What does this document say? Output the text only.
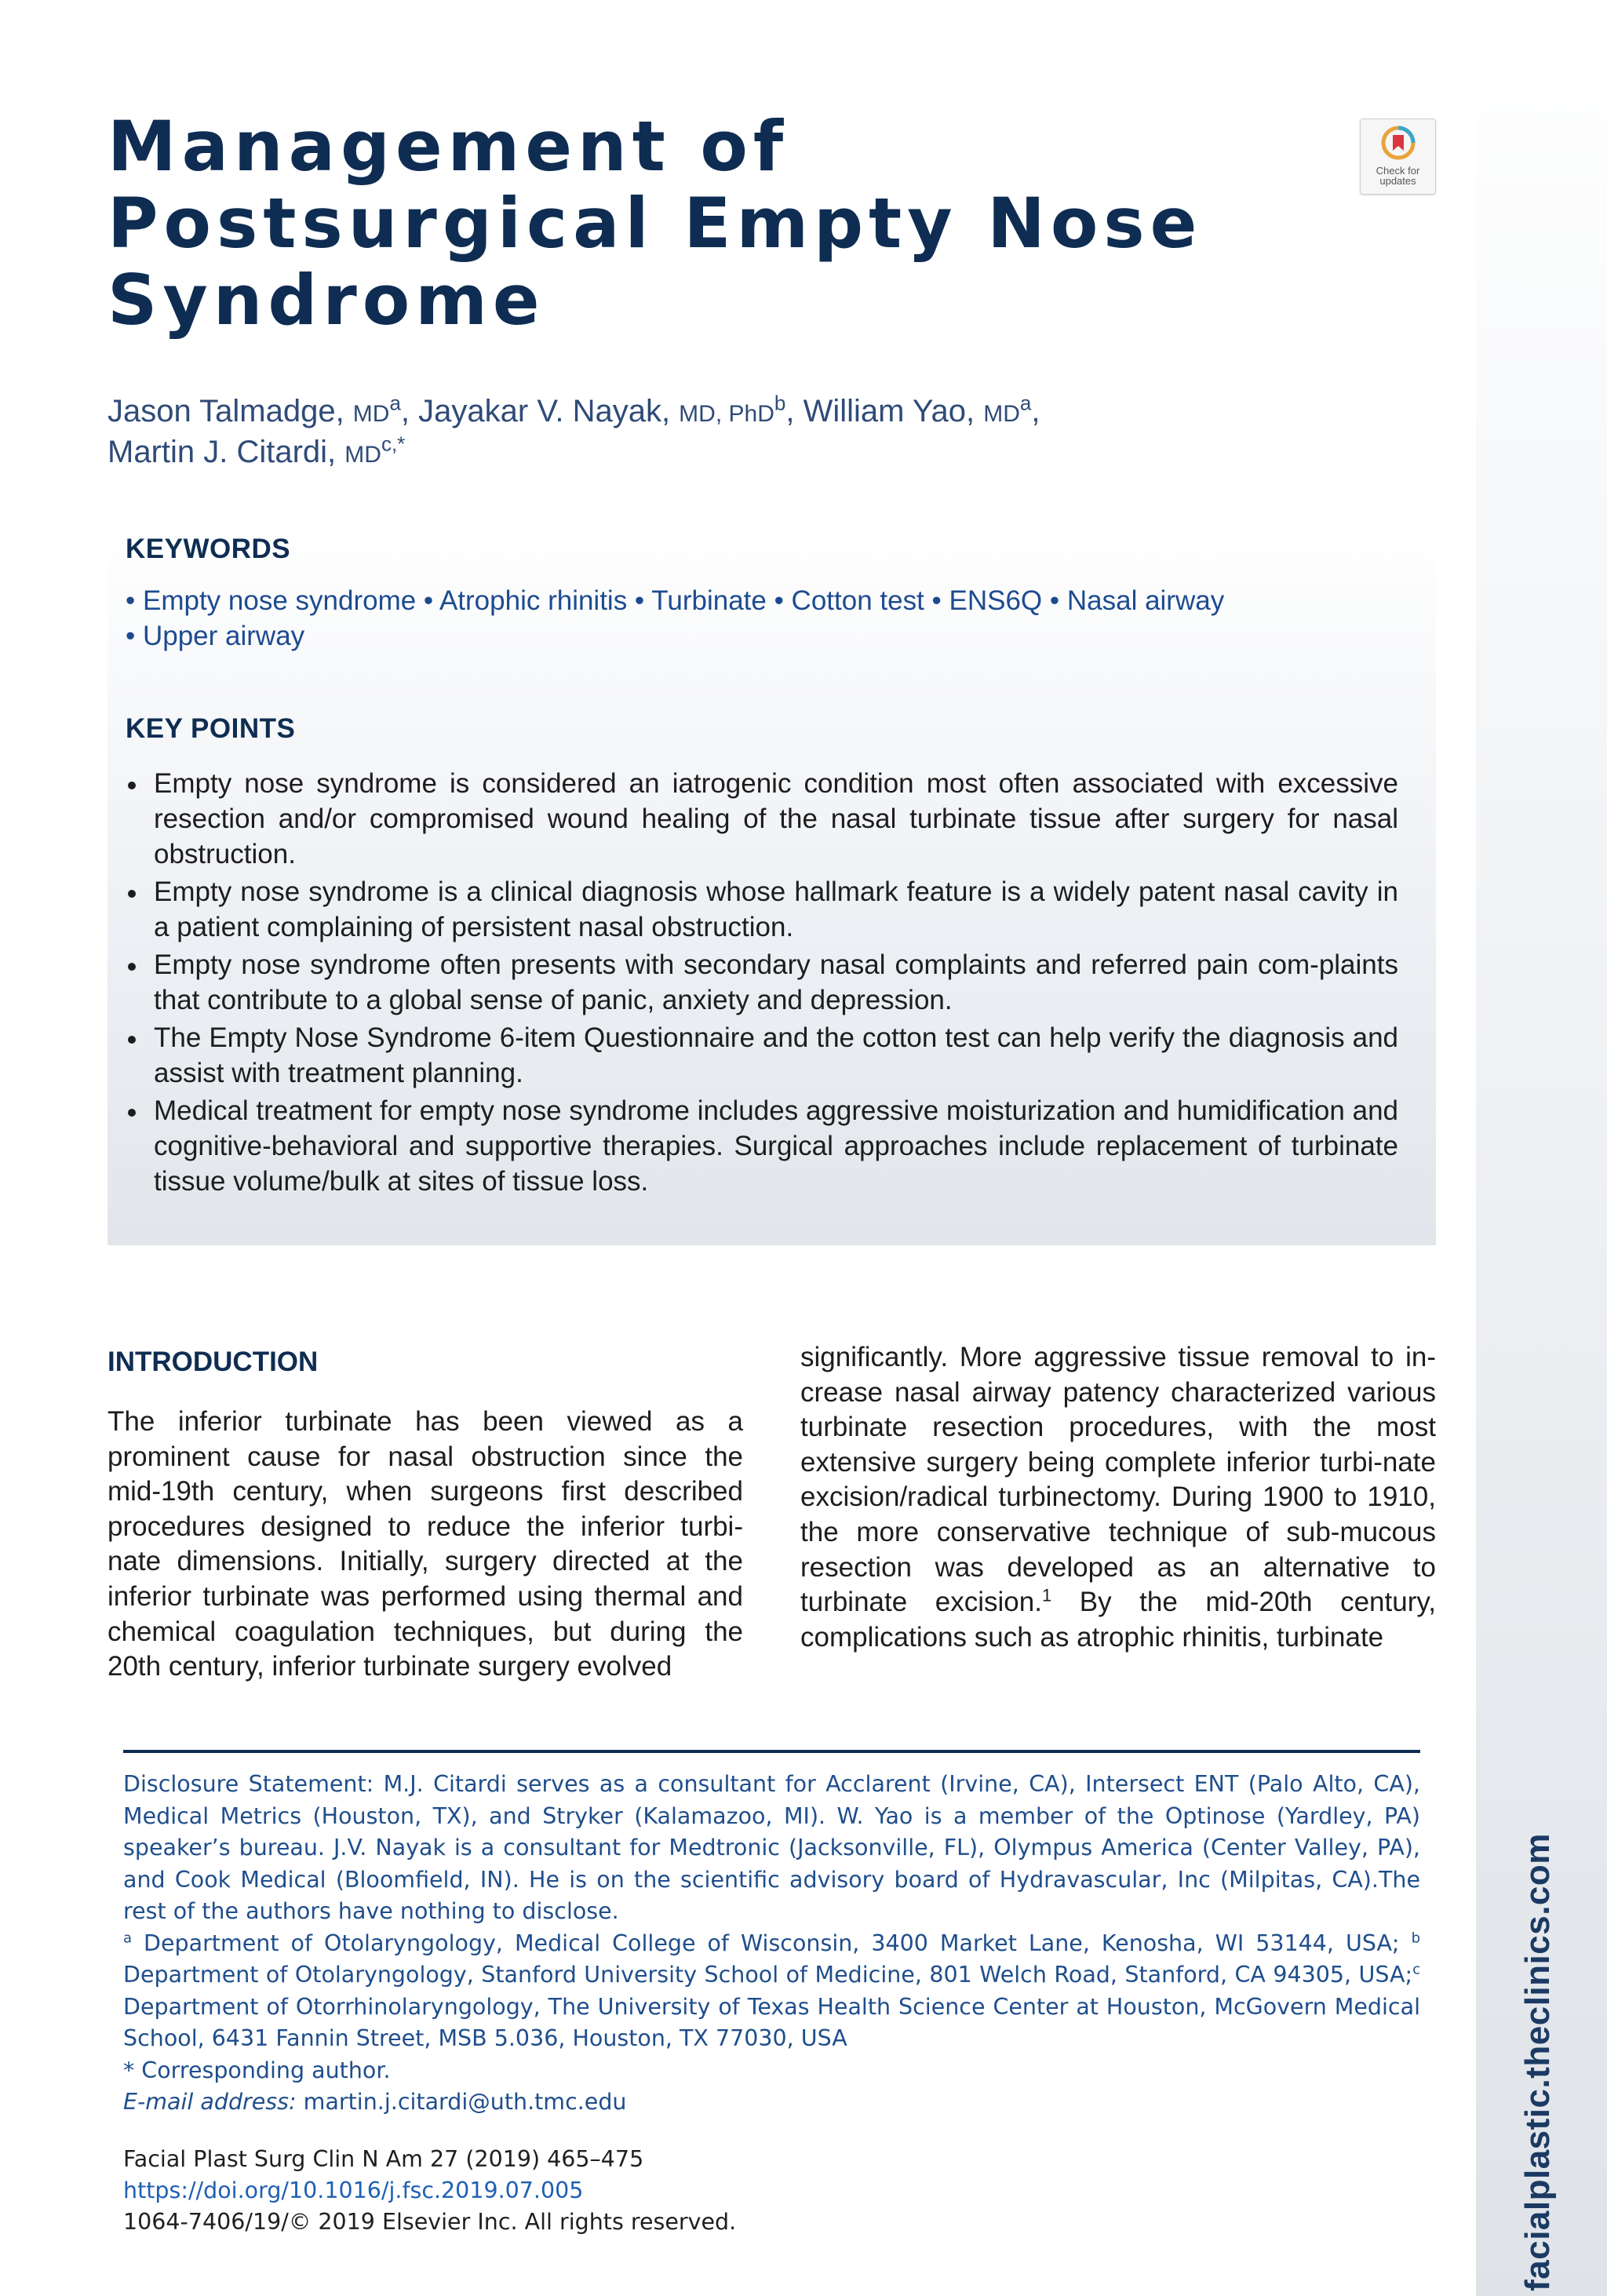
facialplastic.theclinics.com
Management of
Postsurgical Empty Nose
Syndrome
Check for
updates
Jason Talmadge, $MD^a$, Jayakar V. Nayak, MD, PhD$^b$, William Yao, $MD^a$,
Martin J. Citardi, $MD^{c,*}$
KEYWORDS
• Empty nose syndrome • Atrophic rhinitis • Turbinate • Cotton test • ENS6Q • Nasal airway
• Upper airway
KEY POINTS
Empty nose syndrome is considered an iatrogenic condition most often associated with excessive resection and/or compromised wound healing of the nasal turbinate tissue after surgery for nasal obstruction.
Empty nose syndrome is a clinical diagnosis whose hallmark feature is a widely patent nasal cavity in a patient complaining of persistent nasal obstruction.
Empty nose syndrome often presents with secondary nasal complaints and referred pain com-plaints that contribute to a global sense of panic, anxiety and depression.
The Empty Nose Syndrome 6-item Questionnaire and the cotton test can help verify the diagnosis and assist with treatment planning.
Medical treatment for empty nose syndrome includes aggressive moisturization and humidification and cognitive-behavioral and supportive therapies. Surgical approaches include replacement of turbinate tissue volume/bulk at sites of tissue loss.
INTRODUCTION

The inferior turbinate has been viewed as a prominent cause for nasal obstruction since the mid-19th century, when surgeons first described procedures designed to reduce the inferior turbi-nate dimensions. Initially, surgery directed at the inferior turbinate was performed using thermal and chemical coagulation techniques, but during the 20th century, inferior turbinate surgery evolved

significantly. More aggressive tissue removal to in-crease nasal airway patency characterized various turbinate resection procedures, with the most extensive surgery being complete inferior turbi-nate excision/radical turbinectomy. During 1900 to 1910, the more conservative technique of sub-mucous resection was developed as an alternative to turbinate excision.$^1$ By the mid-20th century, complications such as atrophic rhinitis, turbinate

Disclosure Statement: M.J. Citardi serves as a consultant for Acclarent (Irvine, CA), Intersect ENT (Palo Alto, CA), Medical Metrics (Houston, TX), and Stryker (Kalamazoo, MI). W. Yao is a member of the Optinose (Yardley, PA) speaker’s bureau. J.V. Nayak is a consultant for Medtronic (Jacksonville, FL), Olympus America (Center Valley, PA), and Cook Medical (Bloomfield, IN). He is on the scientific advisory board of Hydravascular, Inc (Milpitas, CA).The rest of the authors have nothing to disclose.

$^a$ Department of Otolaryngology, Medical College of Wisconsin, 3400 Market Lane, Kenosha, WI 53144, USA; $^b$ Department of Otolaryngology, Stanford University School of Medicine, 801 Welch Road, Stanford, CA 94305, USA;$^c$ Department of Otorrhinolaryngology, The University of Texas Health Science Center at Houston, McGovern Medical School, 6431 Fannin Street, MSB 5.036, Houston, TX 77030, USA

* Corresponding author.

E-mail address: martin.j.citardi@uth.tmc.edu

Facial Plast Surg Clin N Am 27 (2019) 465–475
https://doi.org/10.1016/j.fsc.2019.07.005
1064-7406/19/© 2019 Elsevier Inc. All rights reserved.
